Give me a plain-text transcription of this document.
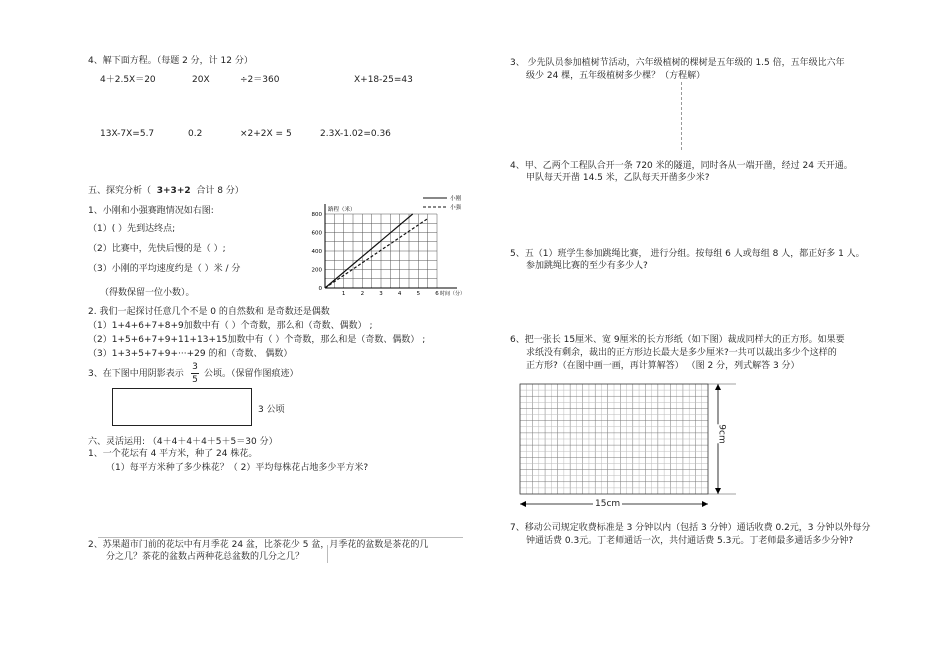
4、解下面方程。（每题 2 分，计 12 分）
4＋2.5X＝20	20X	÷2＝360	X+18-25=43
13X-7X=5.7	0.2	×2+2X = 5	2.3X-1.02=0.36
五、探究分析（ 3+3+2 合计 8 分）
1、小刚和小强赛跑情况如右图:
（1）( ）先到达终点;
（2）比赛中，先快后慢的是（ ）;
（3）小刚的平均速度约是（ ）米 / 分
（得数保留一位小数）。	0
200
400
600
800
1	2	3	4	5	6
路程（米）
时间（分）
小刚
小强
2. 我们一起探讨任意几个不是 0 的自然数和 是奇数还是偶数
（1）1+4+6+7+8+9加数中有（ ）个奇数，那么和（奇数、偶数） ;
（2）1+5+6+7+9+11+13+15加数中有（ ）个奇数，那么和是（奇数、偶数） ;
（3）1+3+5+7+9+···+29 的和（奇数、 偶数）
3、在下图中用阴影表示
3
5
公顷。（保留作图痕迹）
3 公顷
六、灵活运用: （4＋4＋4＋4＋5＋5＝30 分）
1、一个花坛有 4 平方米，种了 24 株花。
（1）每平方米种了多少株花？（ 2）平均每株花占地多少平方米?
2、苏果超市门前的花坛中有月季花 24 盆，比茶花少 5 盆，月季花的盆数是茶花的几
分之几？茶花的盆数占两种花总盆数的几分之几？
3、 少先队员参加植树节活动，六年级植树的棵树是五年级的 1.5 倍，五年级比六年
级少 24 棵，五年级植树多少棵？（方程解）
4、甲、乙两个工程队合开一条 720 米的隧道，同时各从一端开凿，经过 24 天开通。
甲队每天开凿 14.5 米，乙队每天开凿多少米?
5、五（1）班学生参加跳绳比赛， 进行分组。按每组 6 人或每组 8 人，都正好多 1 人。
参加跳绳比赛的至少有多少人?
6、把一张长 15厘米、宽 9厘米的长方形纸（如下图）裁成同样大的正方形。如果要
求纸没有剩余，裁出的正方形边长最大是多少厘米?一共可以裁出多少个这样的
正方形?（在图中画一画，再计算解答） （图 2 分，列式解答 3 分）
15cm
9cm
7、移动公司规定收费标准是 3 分钟以内（包括 3 分钟）通话收费 0.2元，3 分钟以外每分
钟通话费 0.3元。丁老师通话一次，共付通话费 5.3元。丁老师最多通话多少分钟?
